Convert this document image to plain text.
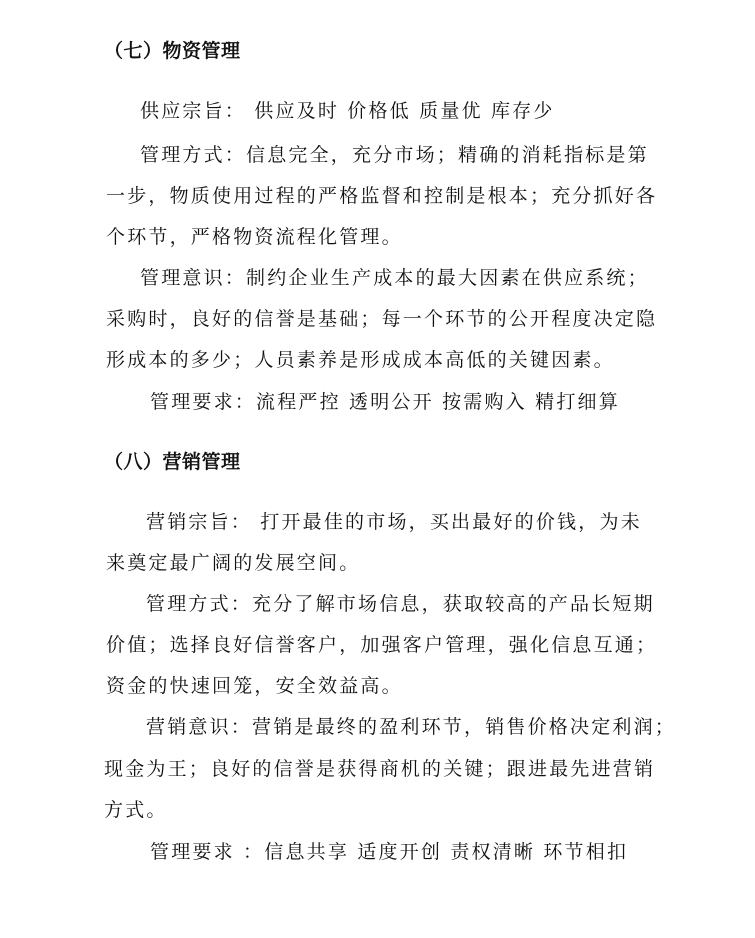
（七）物资管理
供应宗旨： 供应及时 价格低 质量优 库存少
管理方式：信息完全，充分市场；精确的消耗指标是第
一步，物质使用过程的严格监督和控制是根本；充分抓好各
个环节，严格物资流程化管理。
管理意识：制约企业生产成本的最大因素在供应系统；
采购时，良好的信誉是基础；每一个环节的公开程度决定隐
形成本的多少；人员素养是形成成本高低的关键因素。
管理要求：流程严控 透明公开 按需购入 精打细算
（八）营销管理
营销宗旨： 打开最佳的市场，买出最好的价钱，为未
来奠定最广阔的发展空间。
管理方式：充分了解市场信息，获取较高的产品长短期
价值；选择良好信誉客户，加强客户管理，强化信息互通；
资金的快速回笼，安全效益高。
营销意识：营销是最终的盈利环节，销售价格决定利润；
现金为王；良好的信誉是获得商机的关键；跟进最先进营销
方式。
管理要求 ：信息共享 适度开创 责权清晰 环节相扣
